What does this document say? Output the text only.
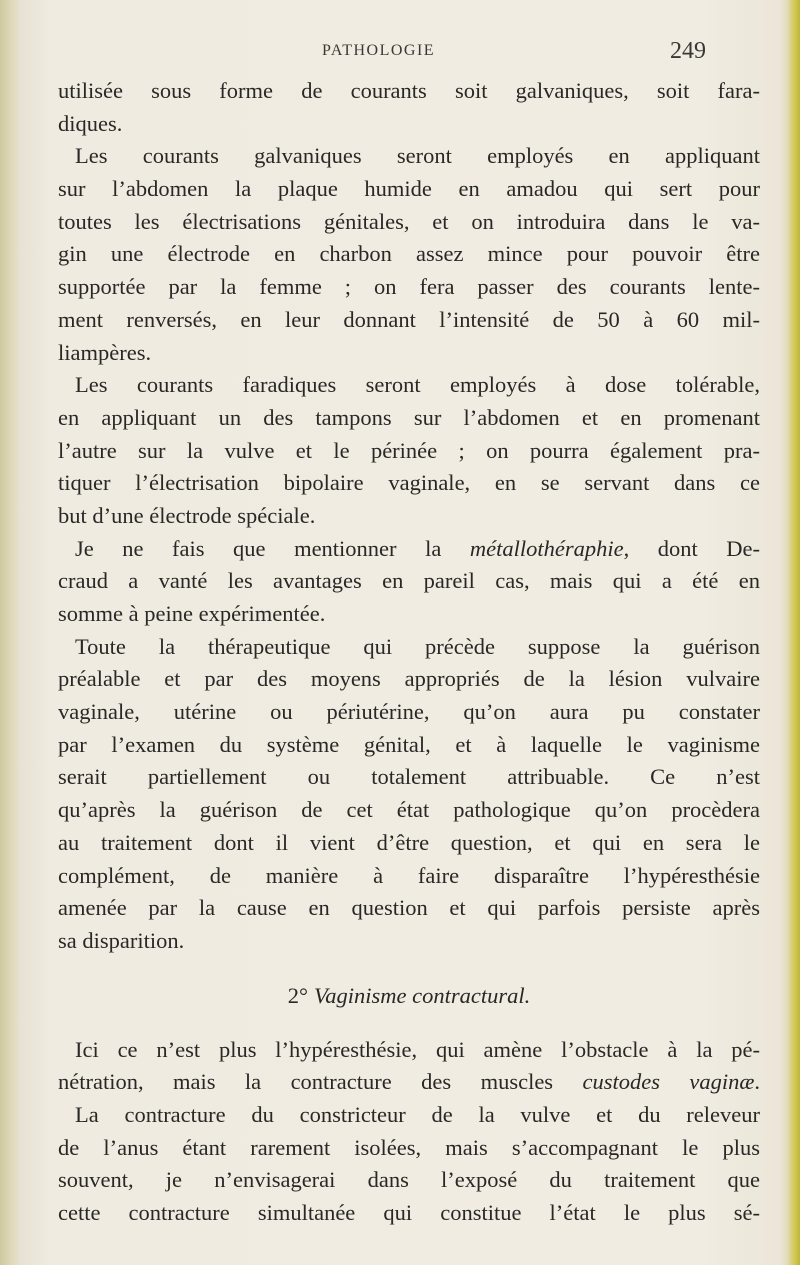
PATHOLOGIE	249
utilisée sous forme de courants soit galvaniques, soit fara-
diques.
Les courants galvaniques seront employés en appliquant
sur l’abdomen la plaque humide en amadou qui sert pour
toutes les électrisations génitales, et on introduira dans le va-
gin une électrode en charbon assez mince pour pouvoir être
supportée par la femme ; on fera passer des courants lente-
ment renversés, en leur donnant l’intensité de 50 à 60 mil-
liampères.
Les courants faradiques seront employés à dose tolérable,
en appliquant un des tampons sur l’abdomen et en promenant
l’autre sur la vulve et le périnée ; on pourra également pra-
tiquer l’électrisation bipolaire vaginale, en se servant dans ce
but d’une électrode spéciale.
Je ne fais que mentionner la métallothéraphie, dont De-
craud a vanté les avantages en pareil cas, mais qui a été en
somme à peine expérimentée.
Toute la thérapeutique qui précède suppose la guérison
préalable et par des moyens appropriés de la lésion vulvaire
vaginale, utérine ou périutérine, qu’on aura pu constater
par l’examen du système génital, et à laquelle le vaginisme
serait partiellement ou totalement attribuable. Ce n’est
qu’après la guérison de cet état pathologique qu’on procèdera
au traitement dont il vient d’être question, et qui en sera le
complément, de manière à faire disparaître l’hypéresthésie
amenée par la cause en question et qui parfois persiste après
sa disparition.
2° Vaginisme contractural.
Ici ce n’est plus l’hypéresthésie, qui amène l’obstacle à la pé-
nétration, mais la contracture des muscles custodes vaginæ.
La contracture du constricteur de la vulve et du releveur
de l’anus étant rarement isolées, mais s’accompagnant le plus
souvent, je n’envisagerai dans l’exposé du traitement que
cette contracture simultanée qui constitue l’état le plus sé-
